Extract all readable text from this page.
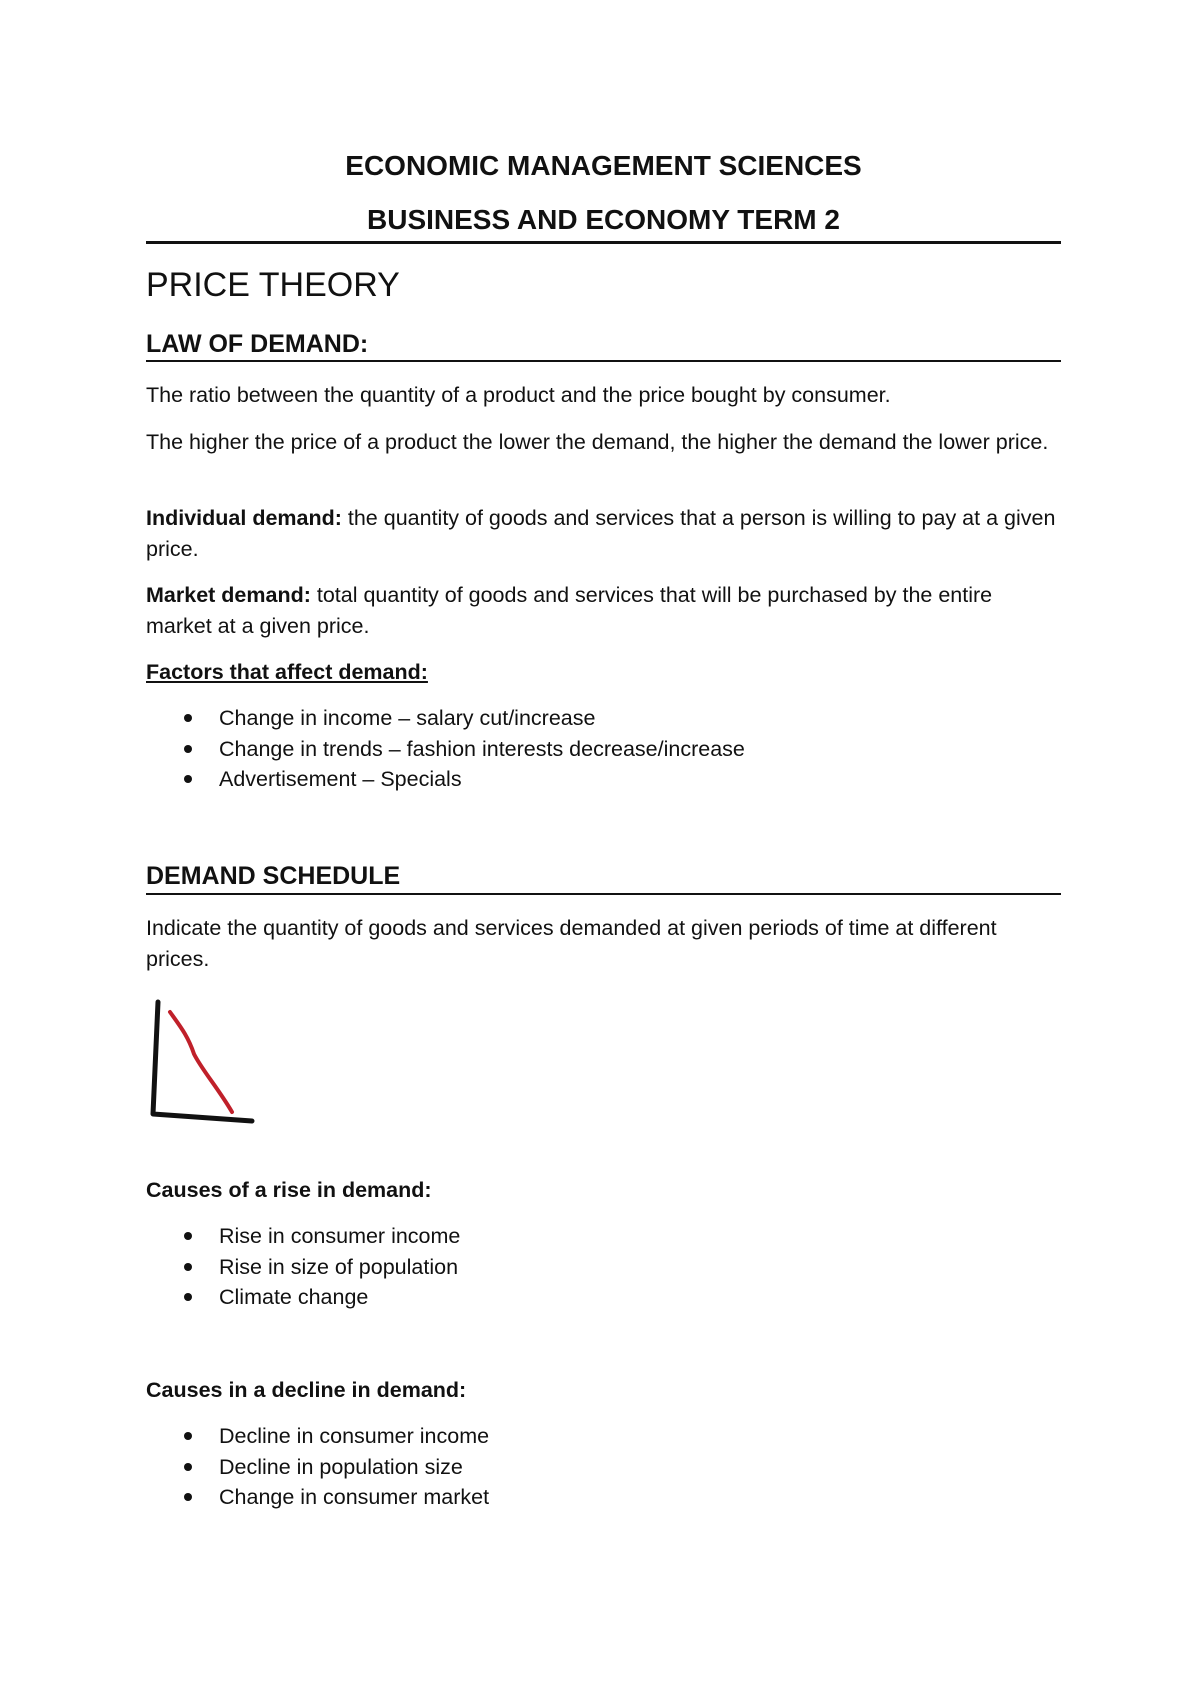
ECONOMIC MANAGEMENT SCIENCES

BUSINESS AND ECONOMY TERM 2

PRICE THEORY
LAW OF DEMAND:

The ratio between the quantity of a product and the price bought by consumer.

The higher the price of a product the lower the demand, the higher the demand the lower price.

Individual demand: the quantity of goods and services that a person is willing to pay at a given price.

Market demand: total quantity of goods and services that will be purchased by the entire market at a given price.

Factors that affect demand:

Change in income – salary cut/increase
Change in trends – fashion interests decrease/increase
Advertisement – Specials
DEMAND SCHEDULE

Indicate the quantity of goods and services demanded at given periods of time at different prices.

Causes of a rise in demand:

Rise in consumer income
Rise in size of population
Climate change

Causes in a decline in demand:

Decline in consumer income
Decline in population size
Change in consumer market
